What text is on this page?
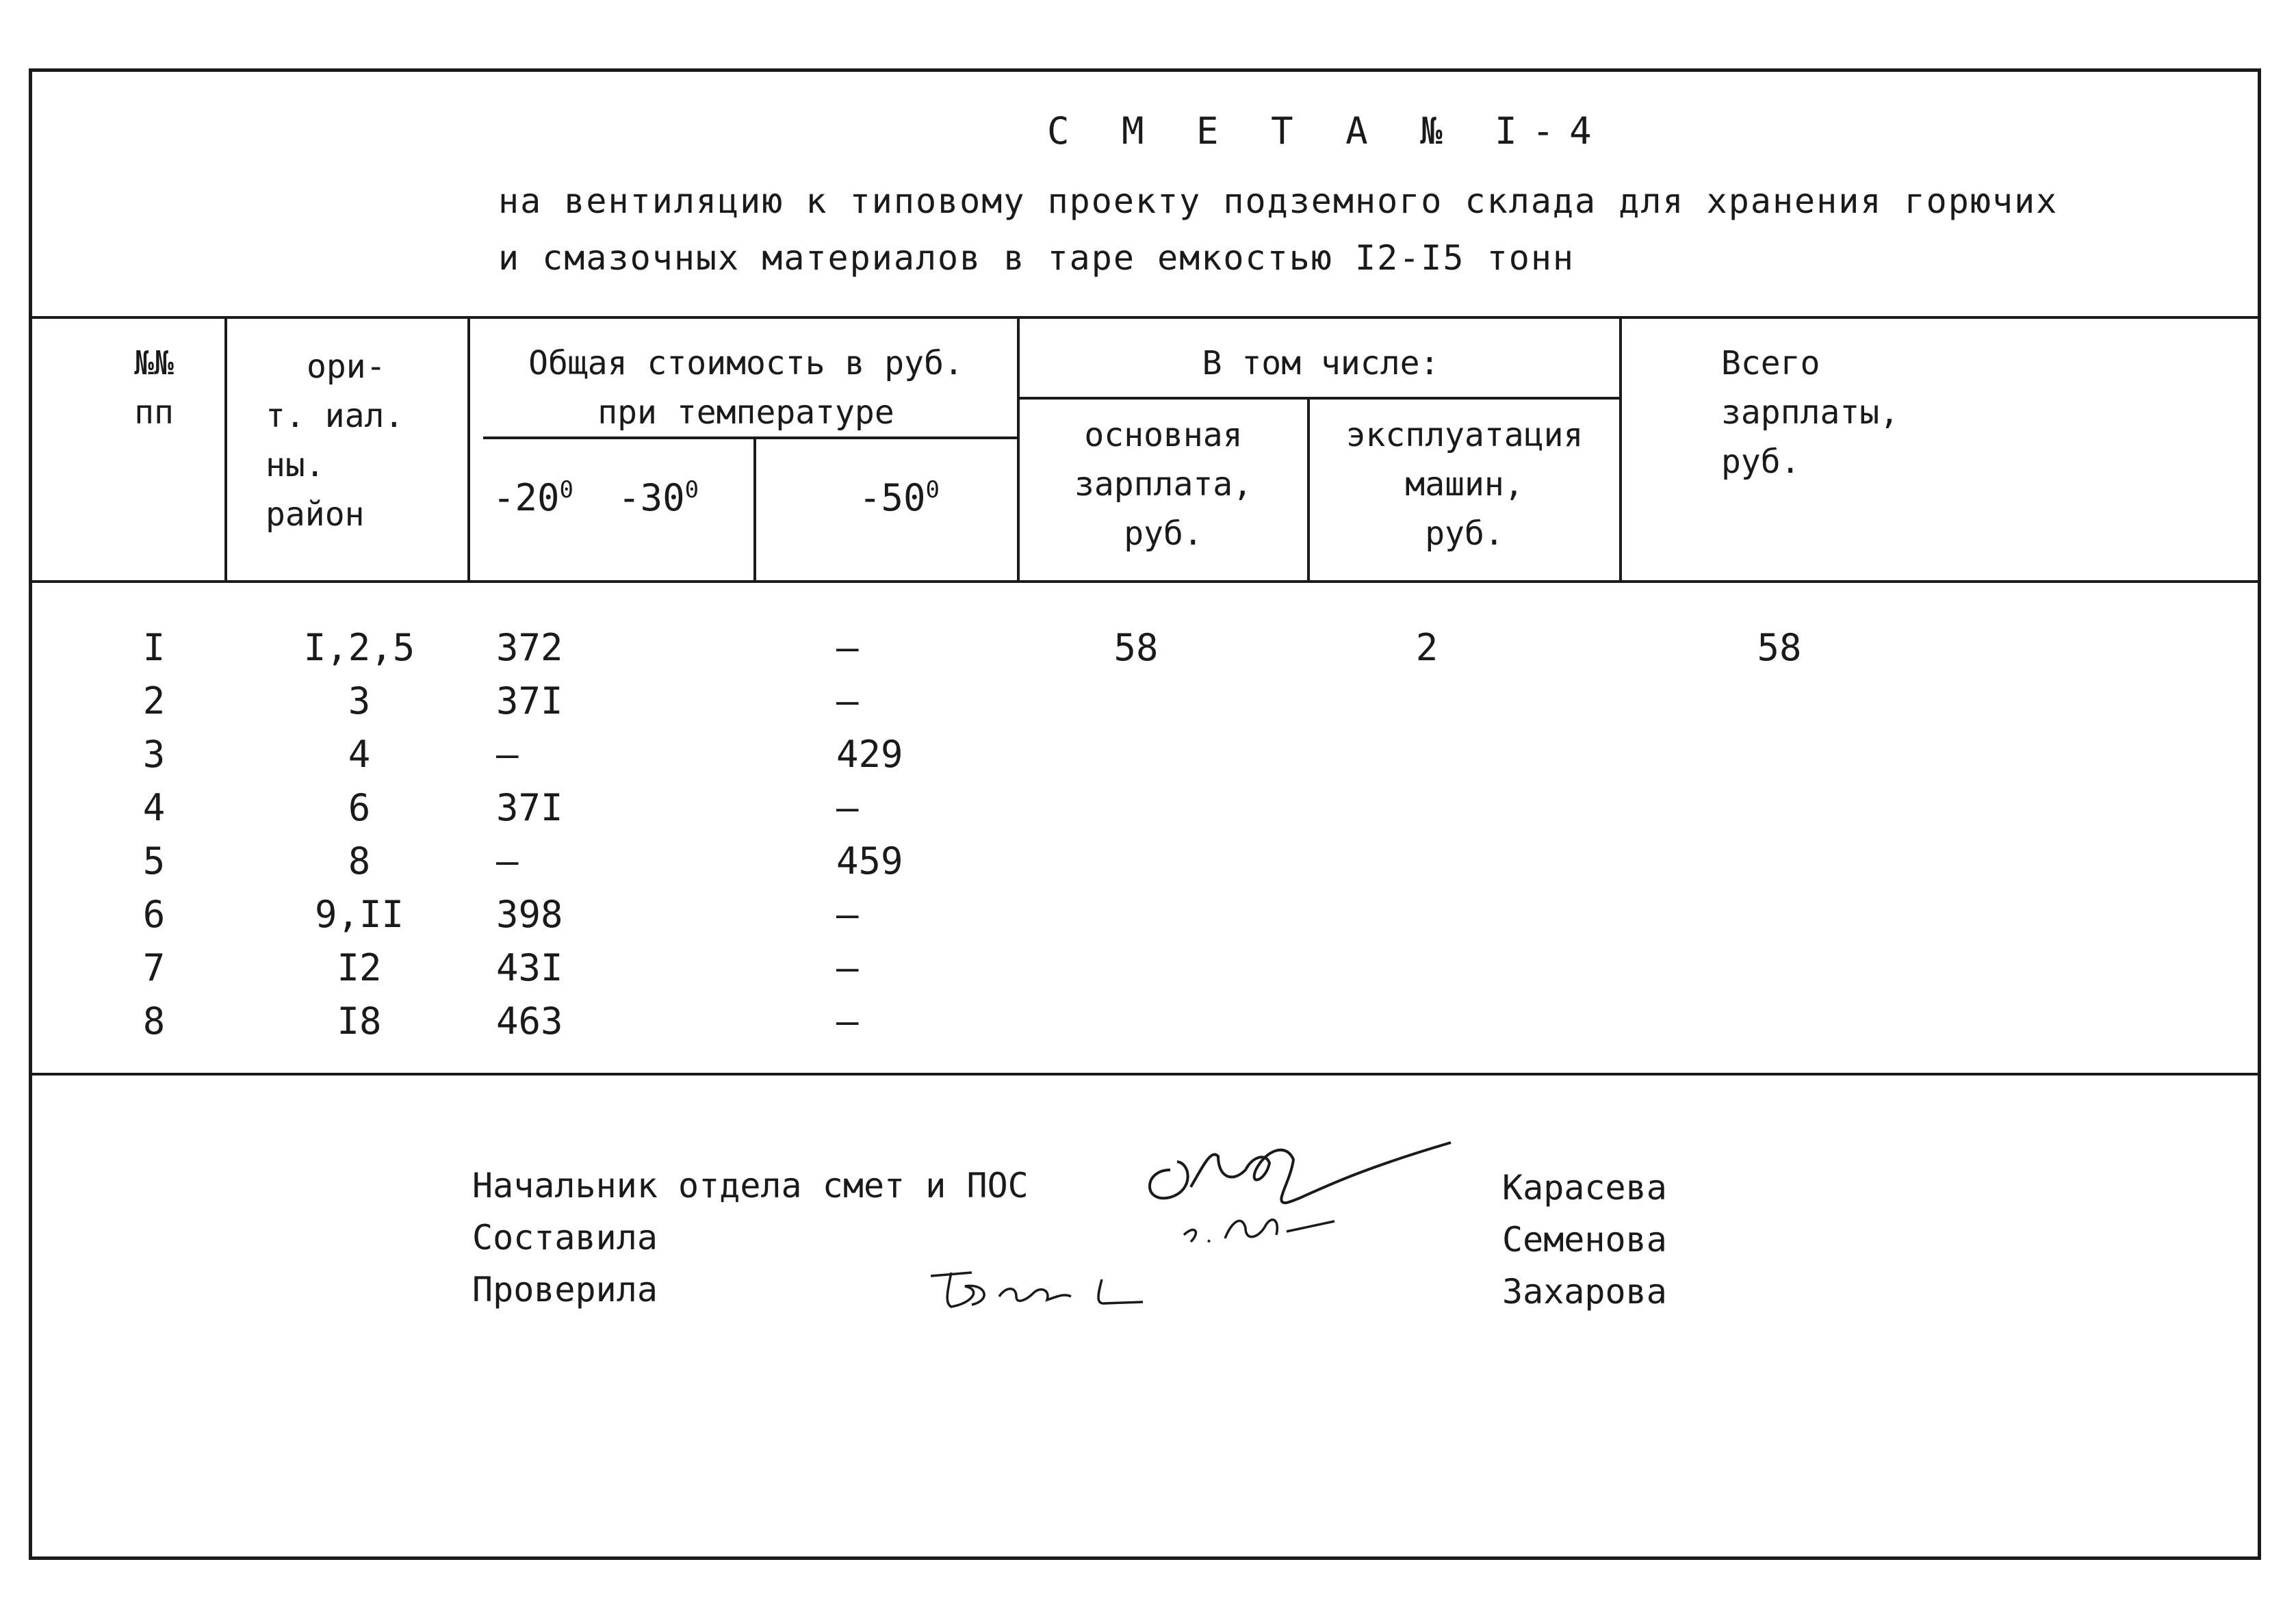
С М Е Т А № I-4
на вентиляцию к типовому проекту подземного склада для хранения горючих
и смазочных материалов в таре емкостью I2-I5 тонн
№№
пп
ори-
т. иал.
ны.
район
Общая стоимость в руб.
при температуре
$-20^0$ $-30^0$	$-50^0$
В том числе:
основная
зарплата,
руб.
эксплуатация
машин,
руб.
Всего
зарплаты,
руб.
I	I,2,5	372	–	58	2	58
2	3	37I	–
3	4	–	429
4	6	37I	–
5	8	–	459
6	9,II	398	–
7	I2	43I	–
8	I8	463	–
Начальник отдела смет и ПОС
Составила
Проверила
Карасева
Семенова
Захарова
